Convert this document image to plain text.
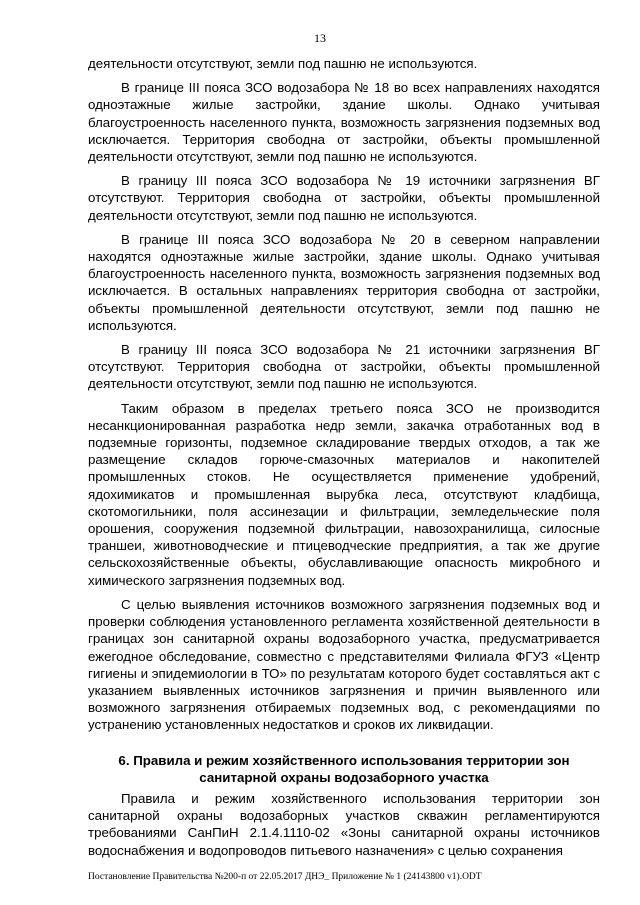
13

деятельности отсутствуют, земли под пашню не используются.

В границе III пояса ЗСО водозабора № 18 во всех направлениях находятся одноэтажные жилые застройки, здание школы. Однако учитывая благоустроенность населенного пункта, возможность загрязнения подземных вод исключается. Территория свободна от застройки, объекты промышленной деятельности отсутствуют, земли под пашню не используются.

В границу III пояса ЗСО водозабора № 19 источники загрязнения ВГ отсутствуют. Территория свободна от застройки, объекты промышленной деятельности отсутствуют, земли под пашню не используются.

В границе III пояса ЗСО водозабора № 20 в северном направлении находятся одноэтажные жилые застройки, здание школы. Однако учитывая благоустроенность населенного пункта, возможность загрязнения подземных вод исключается. В остальных направлениях территория свободна от застройки, объекты промышленной деятельности отсутствуют, земли под пашню не используются.

В границу III пояса ЗСО водозабора № 21 источники загрязнения ВГ отсутствуют. Территория свободна от застройки, объекты промышленной деятельности отсутствуют, земли под пашню не используются.

Таким образом в пределах третьего пояса ЗСО не производится несанкционированная разработка недр земли, закачка отработанных вод в подземные горизонты, подземное складирование твердых отходов, а так же размещение складов горюче-смазочных материалов и накопителей промышленных стоков. Не осуществляется применение удобрений, ядохимикатов и промышленная вырубка леса, отсутствуют кладбища, скотомогильники, поля ассинезации и фильтрации, земледельческие поля орошения, сооружения подземной фильтрации, навозохранилища, силосные траншеи, животноводческие и птицеводческие предприятия, а так же другие сельскохозяйственные объекты, обуславливающие опасность микробного и химического загрязнения подземных вод.

С целью выявления источников возможного загрязнения подземных вод и проверки соблюдения установленного регламента хозяйственной деятельности в границах зон санитарной охраны водозаборного участка, предусматривается ежегодное обследование, совместно с представителями Филиала ФГУЗ «Центр гигиены и эпидемиологии в ТО» по результатам которого будет составляться акт с указанием выявленных источников загрязнения и причин выявленного или возможного загрязнения отбираемых подземных вод, с рекомендациями по устранению установленных недостатков и сроков их ликвидации.

6. Правила и режим хозяйственного использования территории зон санитарной охраны водозаборного участка

Правила и режим хозяйственного использования территории зон санитарной охраны водозаборных участков скважин регламентируются требованиями СанПиН 2.1.4.1110-02 «Зоны санитарной охраны источников водоснабжения и водопроводов питьевого назначения» с целью сохранения

Постановление Правительства №200-п от 22.05.2017 ДНЭ_ Приложение № 1 (24143800 v1).ODT
